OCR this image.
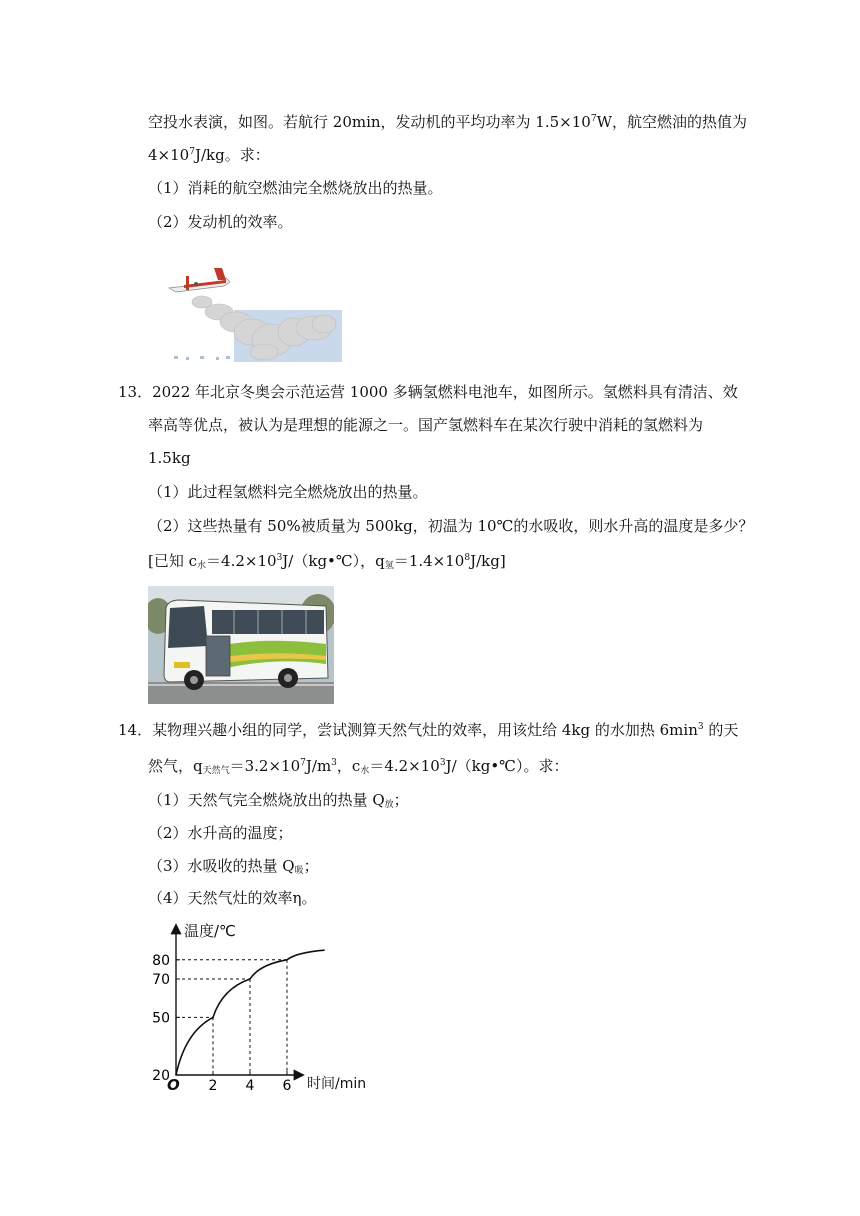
空投水表演，如图。若航行 20min，发动机的平均功率为 $1.5\times 10^7W$，航空燃油的热值为
$4\times 10^7J/kg$。求：
（1）消耗的航空燃油完全燃烧放出的热量。
（2）发动机的效率。
13．2022 年北京冬奥会示范运营 1000 多辆氢燃料电池车，如图所示。氢燃料具有清洁、效
率高等优点，被认为是理想的能源之一。国产氢燃料车在某次行驶中消耗的氢燃料为
1.5kg
（1）此过程氢燃料完全燃烧放出的热量。
（2）这些热量有 50%被质量为 500kg，初温为 10℃的水吸收，则水升高的温度是多少？
[已知 $c_水=4.2\times 10^3J/(kg•℃)$，$q_氢=1.4\times 10^8J/kg$]
14．某物理兴趣小组的同学，尝试测算天然气灶的效率，用该灶给 4kg 的水加热 $6\min^3$ 的天
然气，$q_{天然气}=3.2\times 10^7J/m^3$，$c_水=4.2\times 10^3J/(kg•℃)$。求：
（1）天然气完全燃烧放出的热量 $Q_放$；
（2）水升高的温度；
（3）水吸收的热量 $Q_吸$；
（4）天然气灶的效率η。
20
50
70
80
2 4 6
温度/℃
时间/min
O
